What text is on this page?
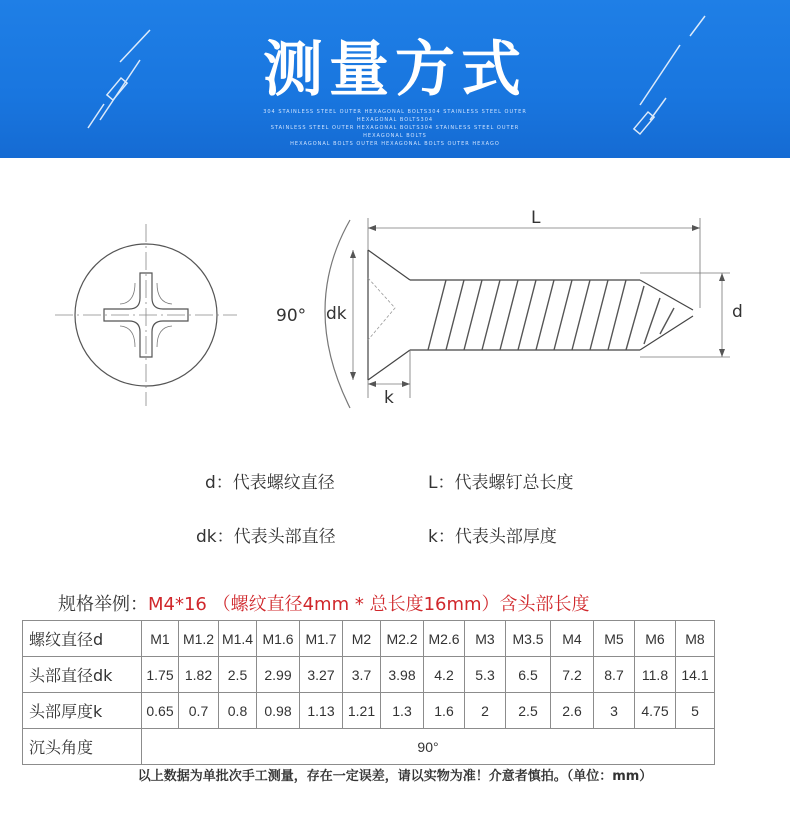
测量方式
304 STAINLESS STEEL OUTER HEXAGONAL BOLTS304 STAINLESS STEEL OUTER HEXAGONAL BOLTS304
STAINLESS STEEL OUTER HEXAGONAL BOLTS304 STAINLESS STEEL OUTER HEXAGONAL BOLTS
HEXAGONAL BOLTS OUTER HEXAGONAL BOLTS OUTER HEXAGO
L
90° dk	d
k
d：代表螺纹直径	L：代表螺钉总长度
dk：代表头部直径	k：代表头部厚度
规格举例：M4*16 （螺纹直径4mm * 总长度16mm）含头部长度
螺纹直径d	M1	M1.2	M1.4	M1.6	M1.7	M2	M2.2	M2.6	M3	M3.5	M4	M5	M6	M8
头部直径dk	1.75	1.82	2.5	2.99	3.27	3.7	3.98	4.2	5.3	6.5	7.2	8.7	11.8	14.1
头部厚度k	0.65	0.7	0.8	0.98	1.13	1.21	1.3	1.6	2	2.5	2.6	3	4.75	5
沉头角度	90°													
以上数据为单批次手工测量，存在一定误差，请以实物为准！介意者慎拍。（单位：mm）
